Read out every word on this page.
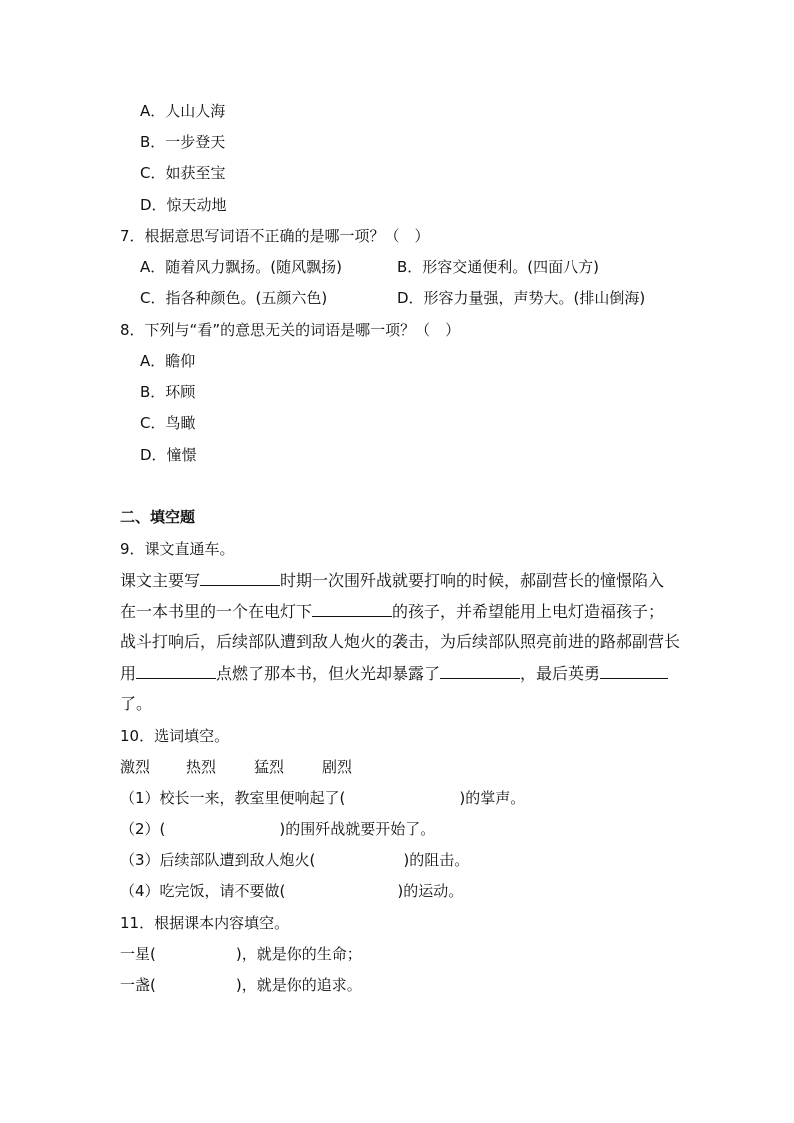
A．人山人海
B．一步登天
C．如获至宝
D．惊天动地
7．根据意思写词语不正确的是哪一项？（　）
A．随着风力飘扬。(随风飘扬)	B．形容交通便利。(四面八方)
C．指各种颜色。(五颜六色)	D．形容力量强，声势大。(排山倒海)
8．下列与“看”的意思无关的词语是哪一项？（　）
A．瞻仰
B．环顾
C．鸟瞰
D．憧憬
二、填空题
9．课文直通车。
课文主要写	时期一次围歼战就要打响的时候，郝副营长的憧憬陷入
在一本书里的一个在电灯下	的孩子，并希望能用上电灯造福孩子；
战斗打响后，后续部队遭到敌人炮火的袭击，为后续部队照亮前进的路郝副营长
用	点燃了那本书，但火光却暴露了	，最后英勇
了。
10．选词填空。
激烈 热烈	猛烈	剧烈
（1）校长一来，教室里便响起了(	)的掌声。
（2）(	)的围歼战就要开始了。
（3）后续部队遭到敌人炮火(	)的阻击。
（4）吃完饭，请不要做(	)的运动。
11．根据课本内容填空。
一星(	)，就是你的生命；
一盏(	)，就是你的追求。
